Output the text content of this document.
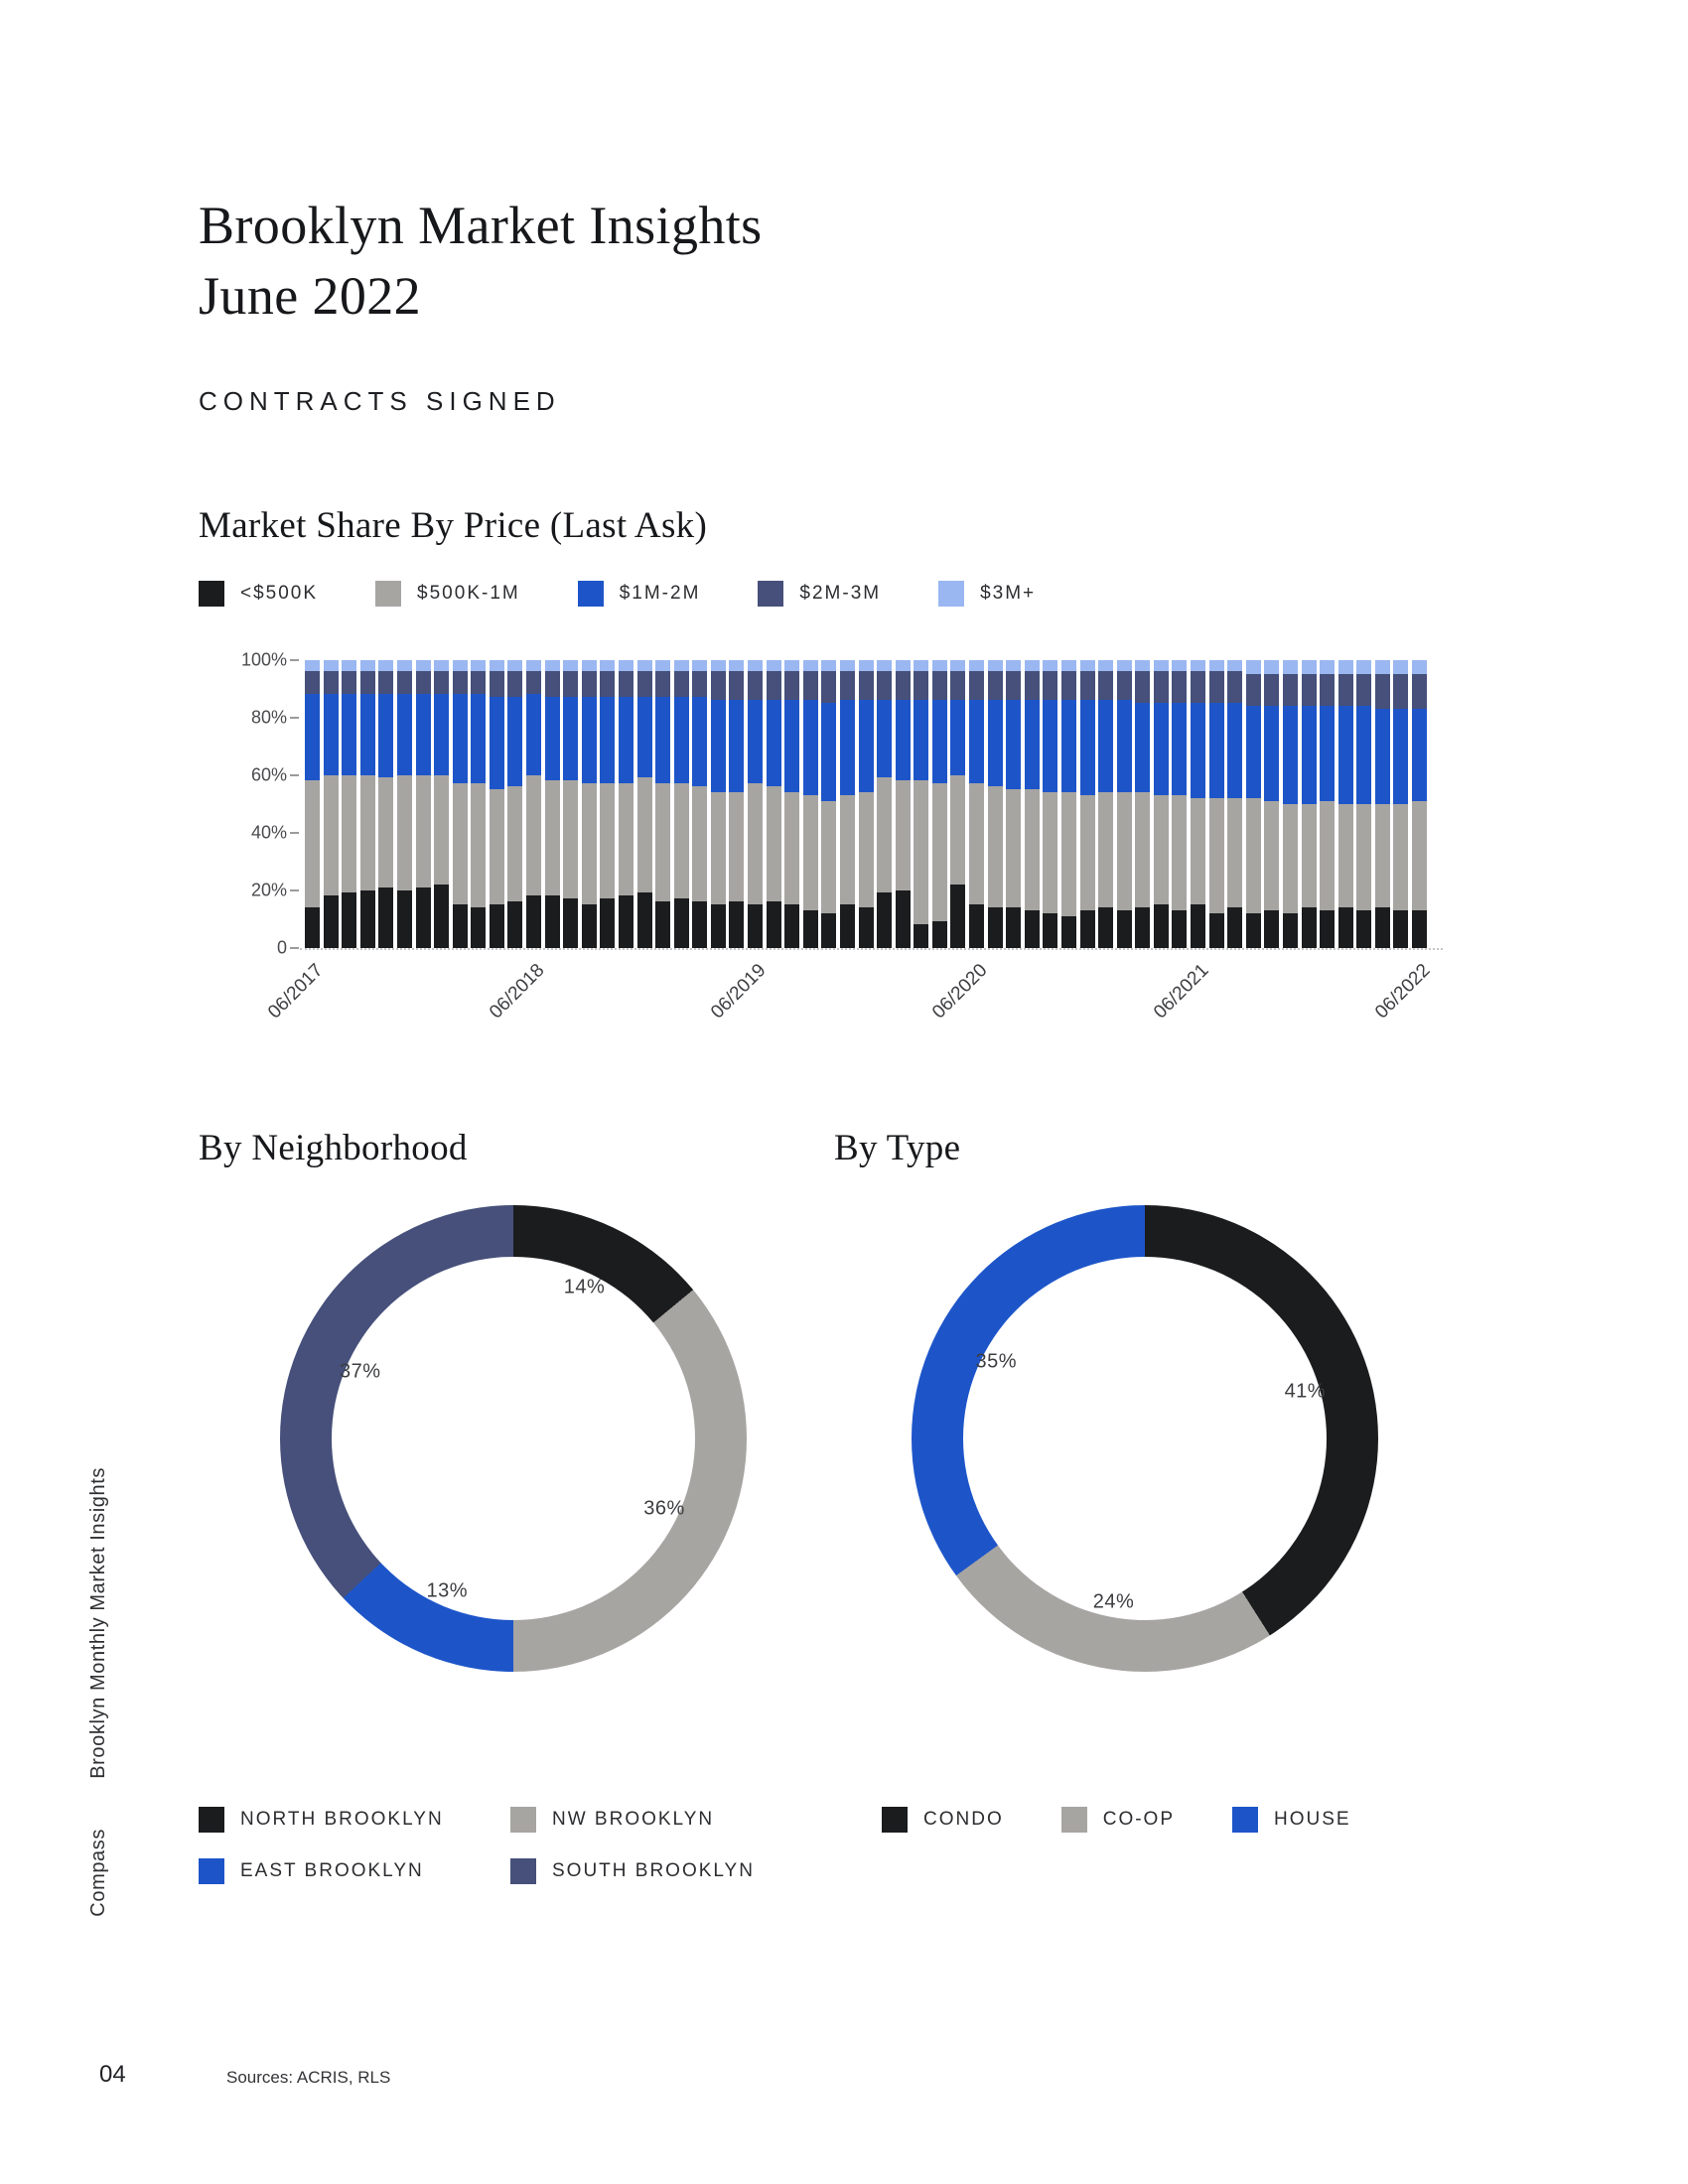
Brooklyn Monthly Market Insights
Compass
Brooklyn Market Insights
June 2022
CONTRACTS SIGNED
Market Share By Price (Last Ask)
<$500K	$500K-1M	$1M-2M	$2M-3M	$3M+
0
20%
40%
60%
80%
100%
06/2017	06/2018	06/2019	06/2020	06/2021	06/2022
By Neighborhood
14%
36%
13%
37%
NORTH BROOKLYN	NW BROOKLYN
EAST BROOKLYN	SOUTH BROOKLYN
By Type
41%
24%
35%
CONDO	CO-OP	HOUSE
04	Sources: ACRIS, RLS
